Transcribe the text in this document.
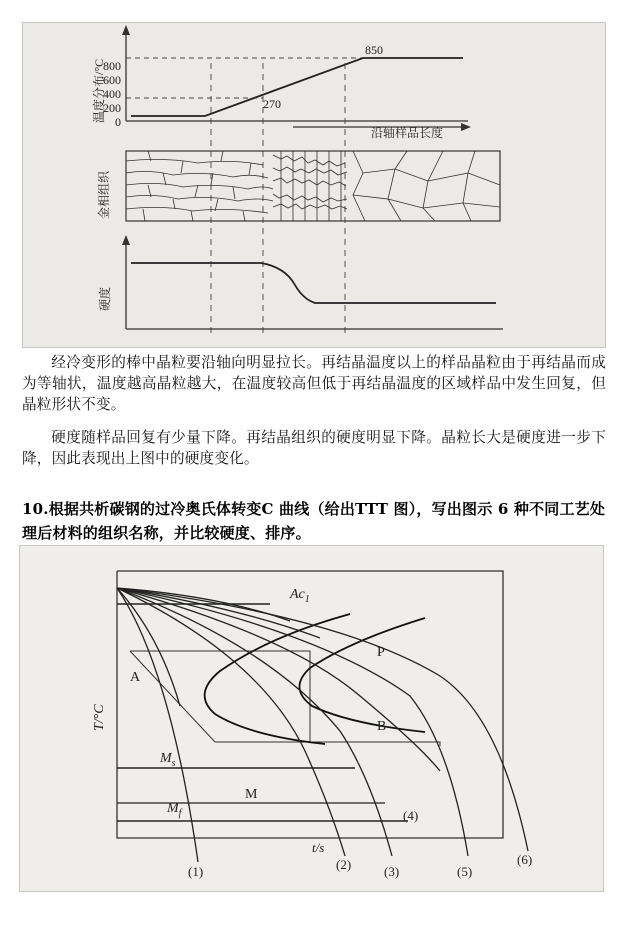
800
600
400
200
0
850
270
沿轴样品长度
温度分布/°C
金相组织
硬度
经冷变形的棒中晶粒要沿轴向明显拉长。再结晶温度以上的样品晶粒由于再结晶而成为等轴状，温度越高晶粒越大，在温度较高但低于再结晶温度的区域样品中发生回复，但晶粒形状不变。
硬度随样品回复有少量下降。再结晶组织的硬度明显下降。晶粒长大是硬度进一步下降，因此表现出上图中的硬度变化。
10.根据共析碳钢的过冷奥氏体转变C 曲线（给出TTT 图），写出图示 6 种不同工艺处理后材料的组织名称，并比较硬度、排序。
A
P
B
M
$Ac_1$
$M_s$
$M_f$
T/°C
t/s
(1)	(2)	(3)
(4)
(5)
(6)
